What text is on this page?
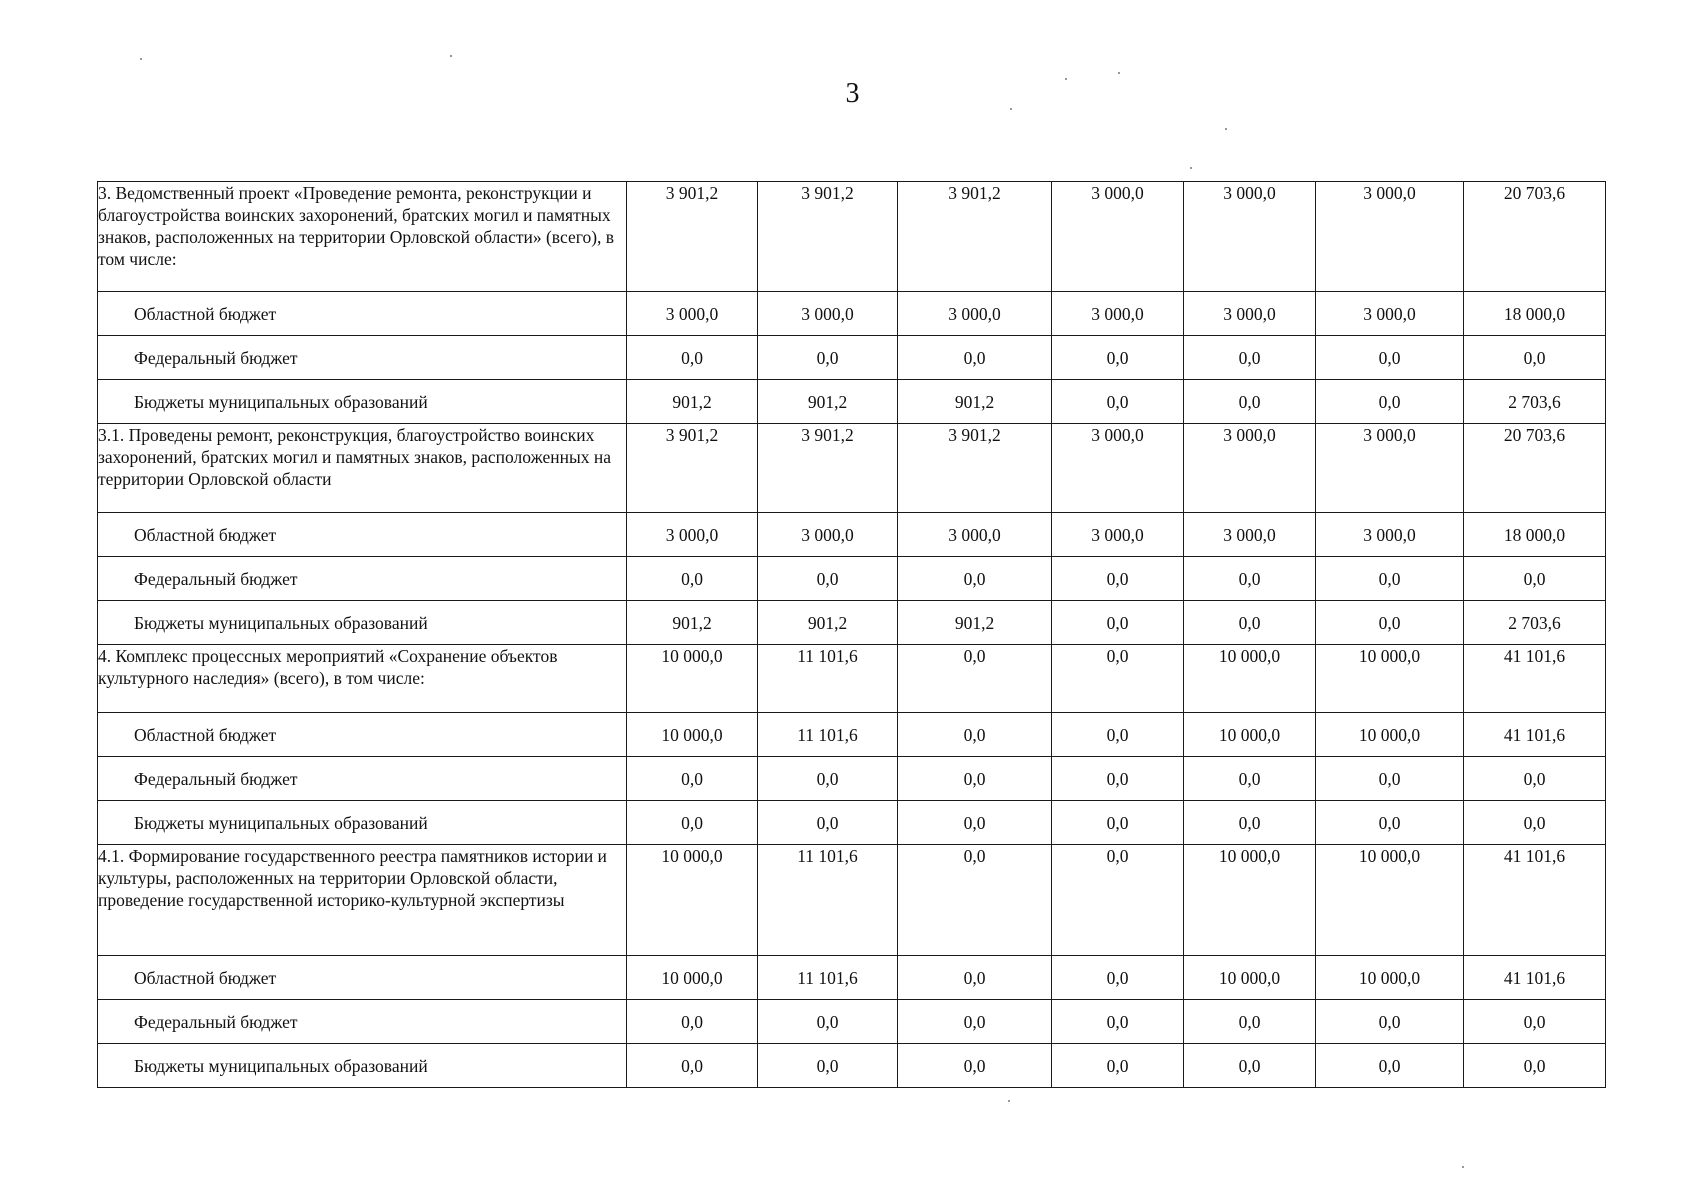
3
3. Ведомственный проект «Проведение ремонта, реконструкции и благоустройства воинских захоронений, братских могил и памятных знаков, расположенных на территории Орловской области» (всего), в том числе:	3 901,2	3 901,2	3 901,2	3 000,0	3 000,0	3 000,0	20 703,6
Областной бюджет	3 000,0	3 000,0	3 000,0	3 000,0	3 000,0	3 000,0	18 000,0
Федеральный бюджет	0,0	0,0	0,0	0,0	0,0	0,0	0,0
Бюджеты муниципальных образований	901,2	901,2	901,2	0,0	0,0	0,0	2 703,6
3.1. Проведены ремонт, реконструкция, благоустройство воинских захоронений, братских могил и памятных знаков, расположенных на территории Орловской области	3 901,2	3 901,2	3 901,2	3 000,0	3 000,0	3 000,0	20 703,6
Областной бюджет	3 000,0	3 000,0	3 000,0	3 000,0	3 000,0	3 000,0	18 000,0
Федеральный бюджет	0,0	0,0	0,0	0,0	0,0	0,0	0,0
Бюджеты муниципальных образований	901,2	901,2	901,2	0,0	0,0	0,0	2 703,6
4. Комплекс процессных мероприятий «Сохранение объектов культурного наследия» (всего), в том числе:	10 000,0	11 101,6	0,0	0,0	10 000,0	10 000,0	41 101,6
Областной бюджет	10 000,0	11 101,6	0,0	0,0	10 000,0	10 000,0	41 101,6
Федеральный бюджет	0,0	0,0	0,0	0,0	0,0	0,0	0,0
Бюджеты муниципальных образований	0,0	0,0	0,0	0,0	0,0	0,0	0,0
4.1. Формирование государственного реестра памятников истории и культуры, расположенных на территории Орловской области, проведение государственной историко-культурной экспертизы	10 000,0	11 101,6	0,0	0,0	10 000,0	10 000,0	41 101,6
Областной бюджет	10 000,0	11 101,6	0,0	0,0	10 000,0	10 000,0	41 101,6
Федеральный бюджет	0,0	0,0	0,0	0,0	0,0	0,0	0,0
Бюджеты муниципальных образований	0,0	0,0	0,0	0,0	0,0	0,0	0,0
